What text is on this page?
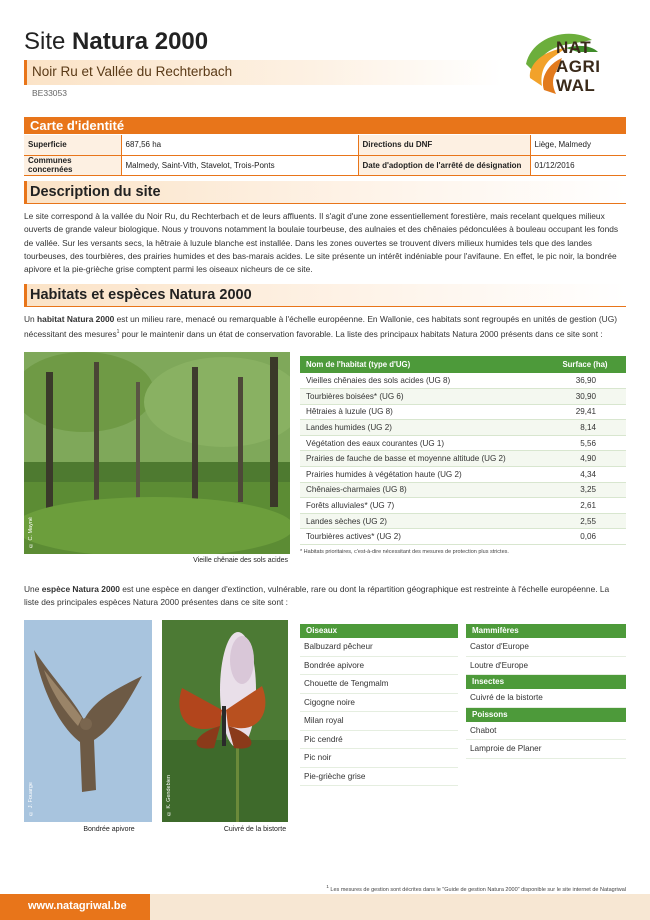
Site Natura 2000
Noir Ru et Vallée du Rechterbach
BE33053
NAT
AGRI
WAL
Carte d'identité
Superficie	687,56 ha	Directions du DNF	Liège, Malmedy
Communes concernées	Malmedy, Saint-Vith, Stavelot, Trois-Ponts	Date d'adoption de l'arrêté de désignation	01/12/2016
Description du site
Le site correspond à la vallée du Noir Ru, du Rechterbach et de leurs affluents. Il s'agit d'une zone essentiellement forestière, mais recelant quelques milieux ouverts de grande valeur biologique. Nous y trouvons notamment la boulaie tourbeuse, des aulnaies et des chênaies pédonculées à bouleau occupant les fonds de vallée. Sur les versants secs, la hêtraie à luzule blanche est installée. Dans les zones ouvertes se trouvent divers milieux humides tels que des landes tourbeuses, des tourbières, des prairies humides et des bas-marais acides. Le site présente un intérêt indéniable pour l'avifaune. En effet, le pic noir, la bondrée apivore et la pie-grièche grise comptent parmi les oiseaux nicheurs de ce site.
Habitats et espèces Natura 2000
Un habitat Natura 2000 est un milieu rare, menacé ou remarquable à l'échelle européenne. En Wallonie, ces habitats sont regroupés en unités de gestion (UG) nécessitant des mesures$^1$ pour le maintenir dans un état de conservation favorable. La liste des principaux habitats Natura 2000 présents dans ce site sont :
© C. Mayné
Vieille chênaie des sols acides
Nom de l'habitat (type d'UG)	Surface (ha)
Vieilles chênaies des sols acides (UG 8)	36,90
Tourbières boisées* (UG 6)	30,90
Hêtraies à luzule (UG 8)	29,41
Landes humides (UG 2)	8,14
Végétation des eaux courantes (UG 1)	5,56
Prairies de fauche de basse et moyenne altitude (UG 2)	4,90
Prairies humides à végétation haute (UG 2)	4,34
Chênaies-charmaies (UG 8)	3,25
Forêts alluviales* (UG 7)	2,61
Landes sèches (UG 2)	2,55
Tourbières actives* (UG 2)	0,06
* Habitats prioritaires, c'est-à-dire nécessitant des mesures de protection plus strictes.
Une espèce Natura 2000 est une espèce en danger d'extinction, vulnérable, rare ou dont la répartition géographique est restreinte à l'échelle européenne. La liste des principales espèces Natura 2000 présentes dans ce site sont :
© J. Fouarge
Bondrée apivore
© K. Gendebien
Cuivré de la bistorte
Oiseaux
Balbuzard pêcheur
Bondrée apivore
Chouette de Tengmalm
Cigogne noire
Milan royal
Pic cendré
Pic noir
Pie-grièche grise
Mammifères
Castor d'Europe
Loutre d'Europe
Insectes
Cuivré de la bistorte
Poissons
Chabot
Lamproie de Planer
$^1$ Les mesures de gestion sont décrites dans le "Guide de gestion Natura 2000" disponible sur le site internet de Natagriwal
www.natagriwal.be
